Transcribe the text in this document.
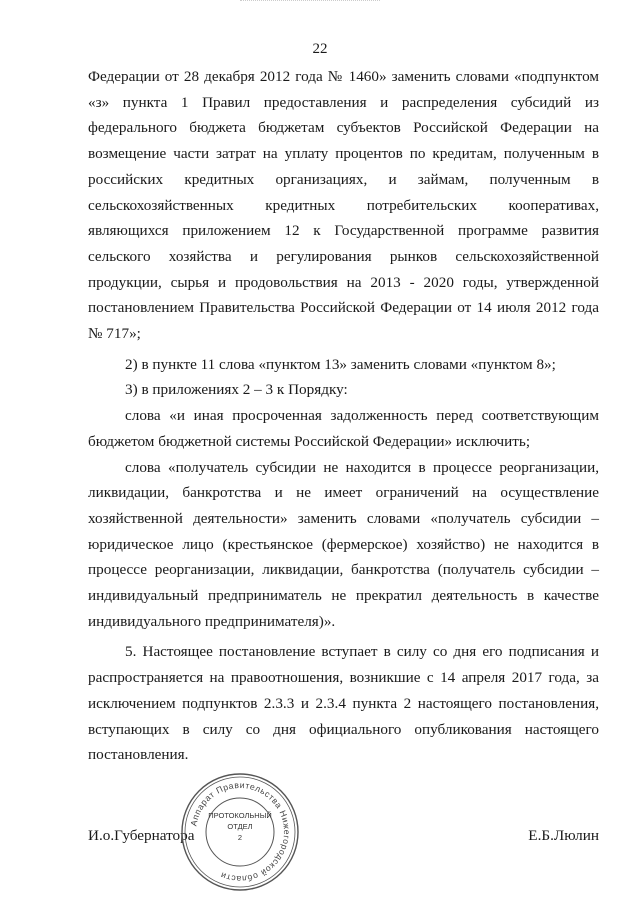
22

Федерации от 28 декабря 2012 года № 1460» заменить словами «подпунктом «з» пункта 1 Правил предоставления и распределения субсидий из федерального бюджета бюджетам субъектов Российской Федерации на возмещение части затрат на уплату процентов по кредитам, полученным в российских кредитных организациях, и займам, полученным в сельскохозяйственных кредитных потребительских кооперативах, являющихся приложением 12 к Государственной программе развития сельского хозяйства и регулирования рынков сельскохозяйственной продукции, сырья и продовольствия на 2013 - 2020 годы, утвержденной постановлением Правительства Российской Федерации от 14 июля 2012 года № 717»;

2) в пункте 11 слова «пунктом 13» заменить словами «пунктом 8»;

3) в приложениях 2 – 3 к Порядку:

слова «и иная просроченная задолженность перед соответствующим бюджетом бюджетной системы Российской Федерации» исключить;

слова «получатель субсидии не находится в процессе реорганизации, ликвидации, банкротства и не имеет ограничений на осуществление хозяйственной деятельности» заменить словами «получатель субсидии – юридическое лицо (крестьянское (фермерское) хозяйство) не находится в процессе реорганизации, ликвидации, банкротства (получатель субсидии – индивидуальный предприниматель не прекратил деятельность в качестве индивидуального предпринимателя)».

5. Настоящее постановление вступает в силу со дня его подписания и распространяется на правоотношения, возникшие с 14 апреля 2017 года, за исключением подпунктов 2.3.3 и 2.3.4 пункта 2 настоящего постановления, вступающих в силу со дня официального опубликования настоящего постановления.

И.о.Губернатора	Е.Б.Люлин
Аппарат Правительства Нижегородской области
ПРОТОКОЛЬНЫЙ
ОТДЕЛ
2
